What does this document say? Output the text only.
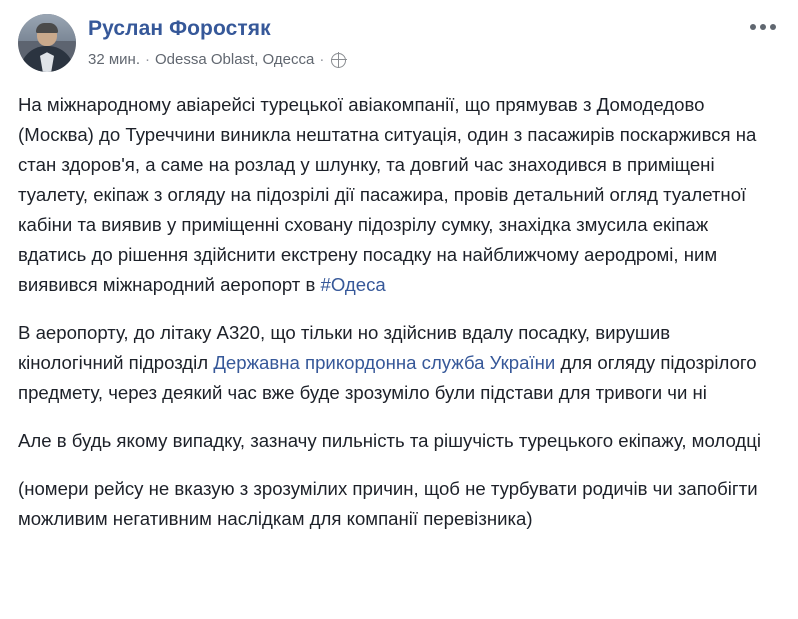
Руслан Форостяк
32 мин. · Odessa Oblast, Одесса ·

На міжнародному авіарейсі турецької авіакомпанії, що прямував з Домодедово (Москва) до Туреччини виникла нештатна ситуація, один з пасажирів поскаржився на стан здоров'я, а саме на розлад у шлунку, та довгий час знаходився в приміщені туалету, екіпаж з огляду на підозрілі дії пасажира, провів детальний огляд туалетної кабіни та виявив у приміщенні сховану підозрілу сумку, знахідка змусила екіпаж вдатись до рішення здійснити екстрену посадку на найближчому аеродромі, ним виявився міжнародний аеропорт в #Одеса

В аеропорту, до літаку А320, що тільки но здійснив вдалу посадку, вирушив кінологічний підрозділ Державна прикордонна служба України для огляду підозрілого предмету, через деякий час вже буде зрозуміло були підстави для тривоги чи ні

Але в будь якому випадку, зазначу пильність та рішучість турецького екіпажу, молодці

(номери рейсу не вказую з зрозумілих причин, щоб не турбувати родичів чи запобігти можливим негативним наслідкам для компанії перевізника)
